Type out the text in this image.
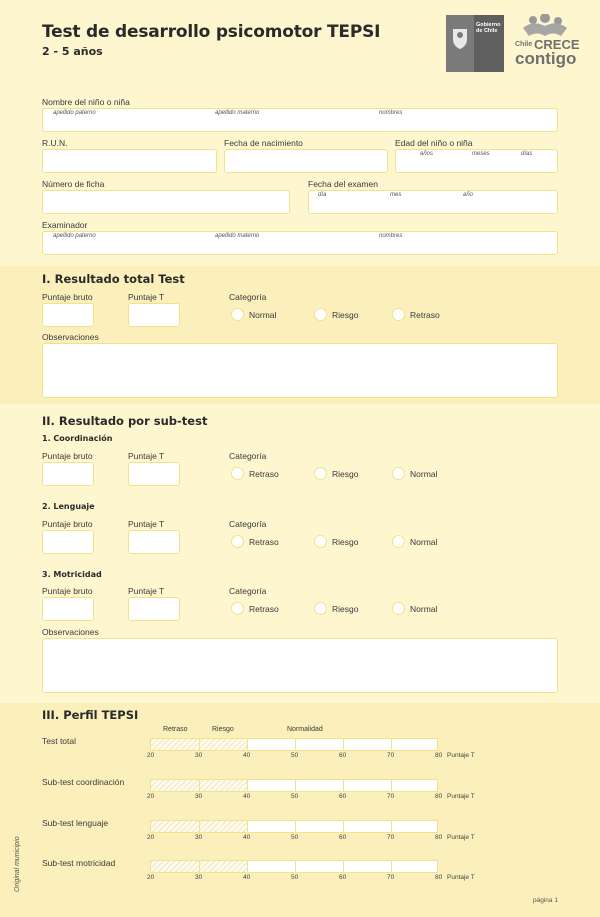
Test de desarrollo psicomotor TEPSI
2 - 5 años
Gobierno de Chile
Chile CRECE
contigo
Nombre del niño o niña
apellido paterno	apellido materno	nombres
R.U.N.	Fecha de nacimiento	Edad del niño o niña
años	meses	días
Número de ficha	Fecha del examen
día	mes	año
Examinador
apellido paterno	apellido materno	nombres
I. Resultado total Test
Puntaje bruto	Puntaje T	Categoría
Normal	Riesgo	Retraso
Observaciones
II. Resultado por sub-test
1. Coordinación
Puntaje bruto	Puntaje T	Categoría
Retraso	Riesgo	Normal
2. Lenguaje
Puntaje bruto	Puntaje T	Categoría
Retraso	Riesgo	Normal
3. Motricidad
Puntaje bruto	Puntaje T	Categoría
Retraso	Riesgo	Normal
Observaciones
III. Perfil TEPSI
Retraso	Riesgo	Normalidad
Test total
20	30	40	50	60	70	80 Puntaje T
Sub-test coordinación
20	30	40	50	60	70	80 Puntaje T
Sub-test lenguaje
20	30	40	50	60	70	80 Puntaje T
Sub-test motricidad
20	30	40	50	60	70	80 Puntaje T
Original municipio
página 1
